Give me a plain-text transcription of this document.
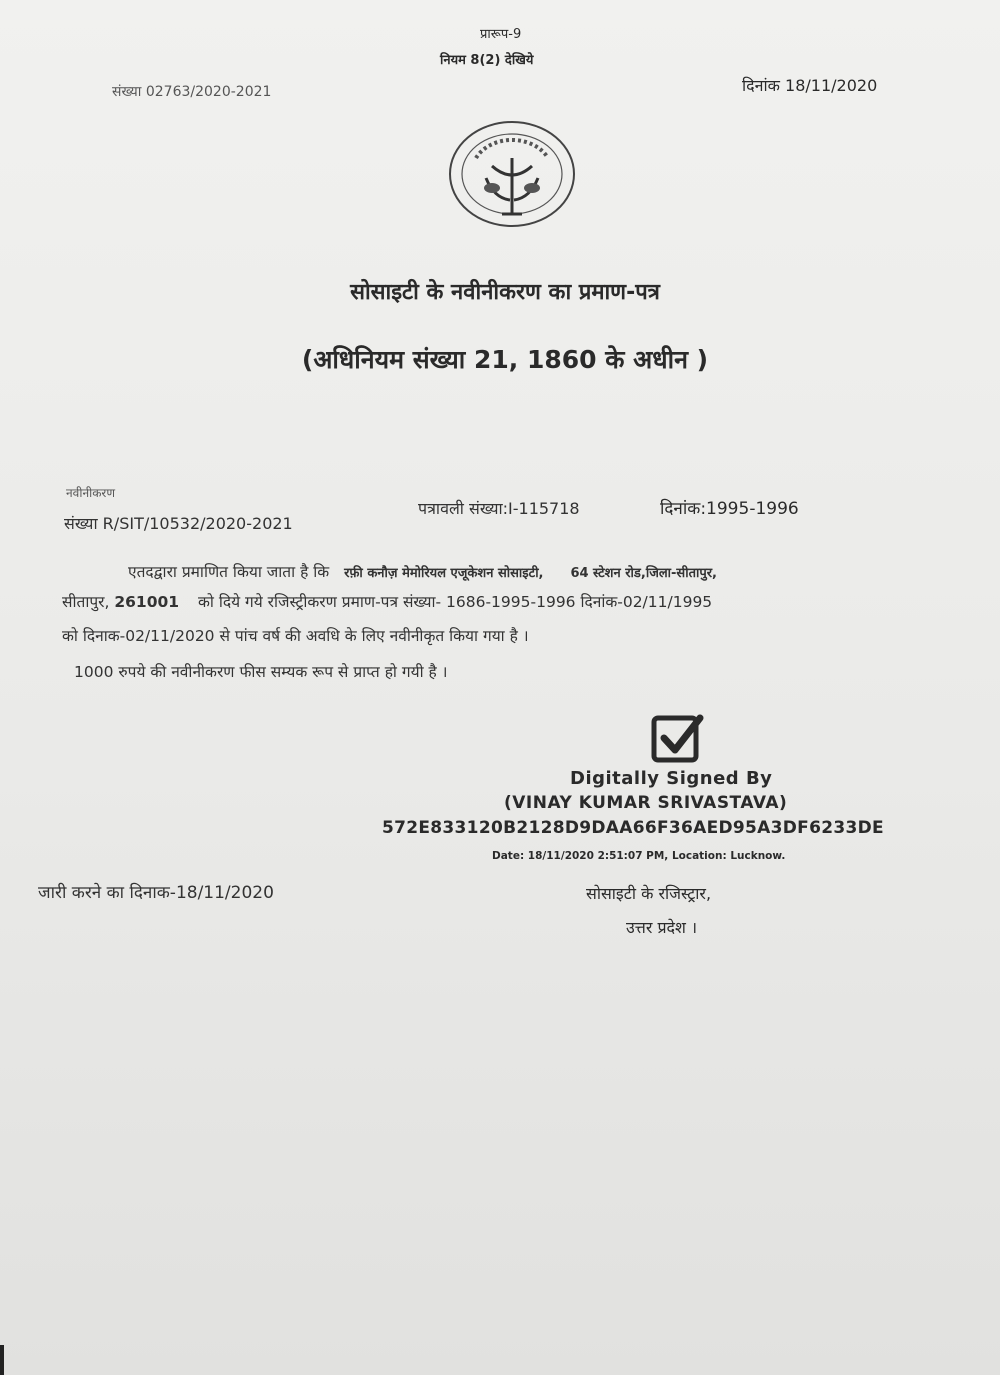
प्रारूप-9
नियम 8(2) देखिये
संख्या 02763/2020-2021	दिनांक 18/11/2020
सोसाइटी के नवीनीकरण का प्रमाण-पत्र
(अधिनियम संख्या 21, 1860 के अधीन )
नवीनीकरण
संख्या R/SIT/10532/2020-2021
पत्रावली संख्या:I-115718	दिनांक:1995-1996
एतदद्वारा प्रमाणित किया जाता है कि रफ़ी कनौज़ मेमोरियल एजूकेशन सोसाइटी, 64 स्टेशन रोड,जिला-सीतापुर,
सीतापुर, 261001 को दिये गये रजिस्ट्रीकरण प्रमाण-पत्र संख्या- 1686-1995-1996 दिनांक-02/11/1995
को दिनाक-02/11/2020 से पांच वर्ष की अवधि के लिए नवीनीकृत किया गया है ।
1000 रुपये की नवीनीकरण फीस सम्यक रूप से प्राप्त हो गयी है ।
Digitally Signed By
(VINAY KUMAR SRIVASTAVA)
572E833120B2128D9DAA66F36AED95A3DF6233DE
Date: 18/11/2020 2:51:07 PM, Location: Lucknow.
जारी करने का दिनाक-18/11/2020	सोसाइटी के रजिस्ट्रार,
उत्तर प्रदेश ।
